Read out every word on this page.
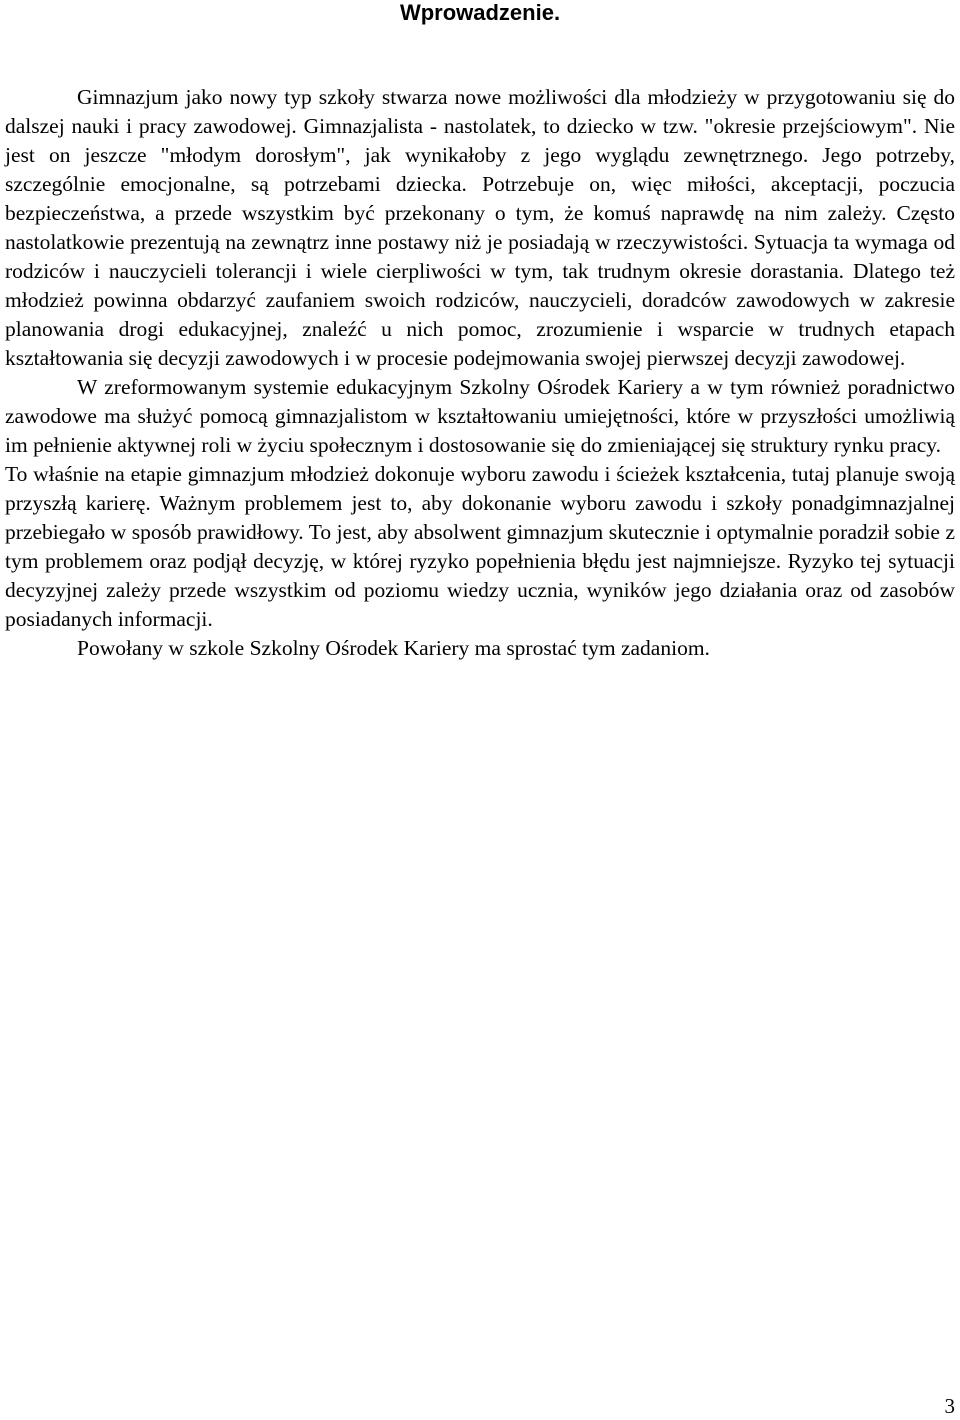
Wprowadzenie.

Gimnazjum jako nowy typ szkoły stwarza nowe możliwości dla młodzieży w przygotowaniu się do dalszej nauki i pracy zawodowej. Gimnazjalista - nastolatek, to dziecko w tzw. "okresie przejściowym". Nie jest on jeszcze "młodym dorosłym", jak wynikałoby z jego wyglądu zewnętrznego. Jego potrzeby, szczególnie emocjonalne, są potrzebami dziecka. Potrzebuje on, więc miłości, akceptacji, poczucia bezpieczeństwa, a przede wszystkim być przekonany o tym, że komuś naprawdę na nim zależy. Często nastolatkowie prezentują na zewnątrz inne postawy niż je posiadają w rzeczywistości. Sytuacja ta wymaga od rodziców i nauczycieli tolerancji i wiele cierpliwości w tym, tak trudnym okresie dorastania. Dlatego też młodzież powinna obdarzyć zaufaniem swoich rodziców, nauczycieli, doradców zawodowych w zakresie planowania drogi edukacyjnej, znaleźć u nich pomoc, zrozumienie i wsparcie w trudnych etapach kształtowania się decyzji zawodowych i w procesie podejmowania swojej pierwszej decyzji zawodowej.

W zreformowanym systemie edukacyjnym Szkolny Ośrodek Kariery a w tym również poradnictwo zawodowe ma służyć pomocą gimnazjalistom w kształtowaniu umiejętności, które w przyszłości umożliwią im pełnienie aktywnej roli w życiu społecznym i dostosowanie się do zmieniającej się struktury rynku pracy.

To właśnie na etapie gimnazjum młodzież dokonuje wyboru zawodu i ścieżek kształcenia, tutaj planuje swoją przyszłą karierę. Ważnym problemem jest to, aby dokonanie wyboru zawodu i szkoły ponadgimnazjalnej przebiegało w sposób prawidłowy. To jest, aby absolwent gimnazjum skutecznie i optymalnie poradził sobie z tym problemem oraz podjął decyzję, w której ryzyko popełnienia błędu jest najmniejsze. Ryzyko tej sytuacji decyzyjnej zależy przede wszystkim od poziomu wiedzy ucznia, wyników jego działania oraz od zasobów posiadanych informacji.

Powołany w szkole Szkolny Ośrodek Kariery ma sprostać tym zadaniom.

3
